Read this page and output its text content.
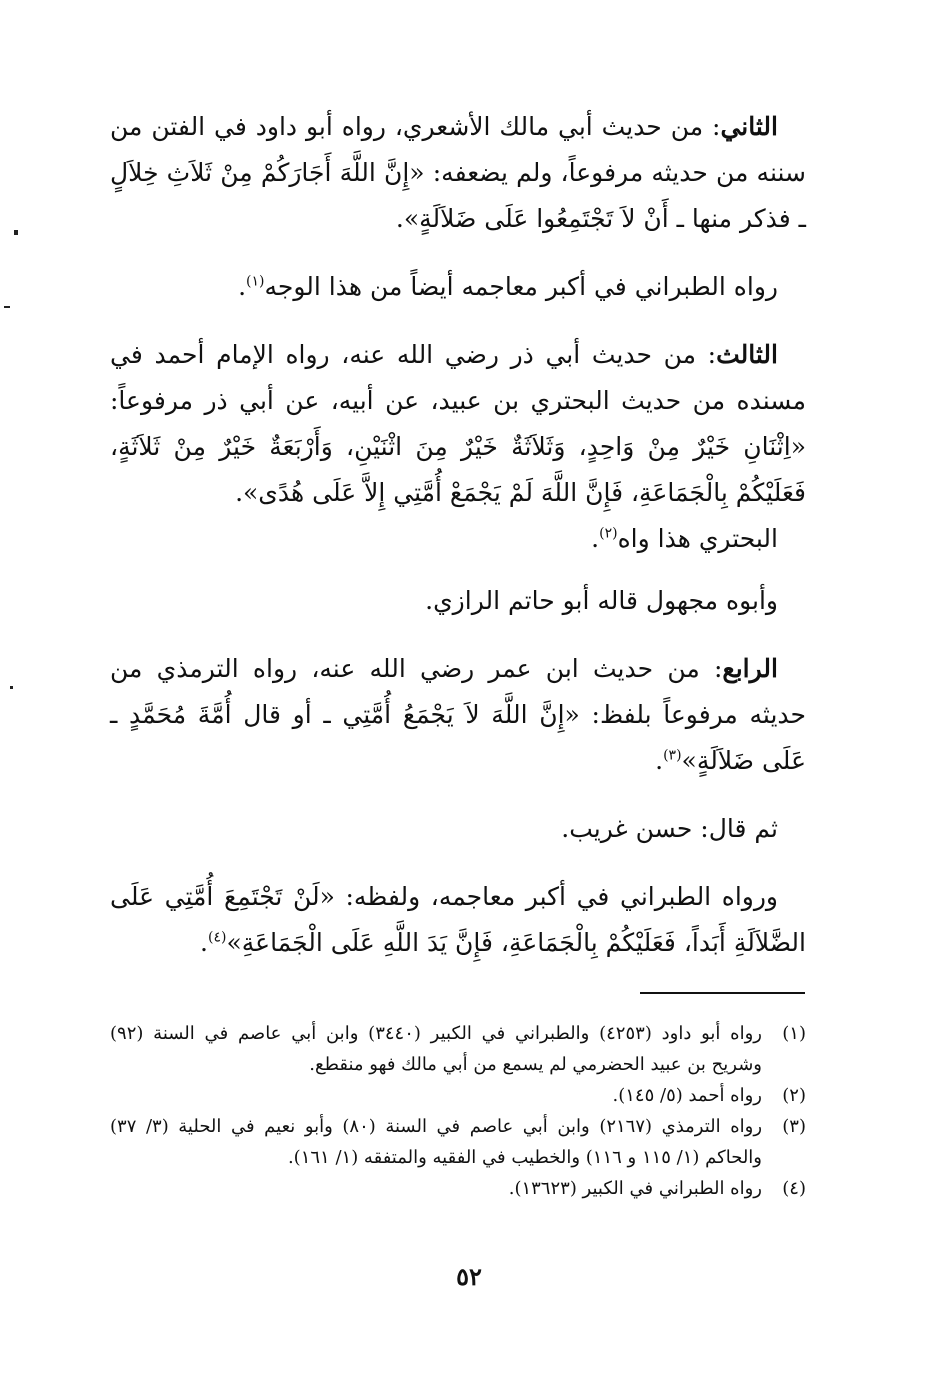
الثاني: من حديث أبي مالك الأشعري، رواه أبو داود في الفتن من سننه من حديثه مرفوعاً، ولم يضعفه: «إِنَّ اللَّهَ أَجَارَكُمْ مِنْ ثَلاَثِ خِلاَلٍ ـ فذكر منها ـ أَنْ لاَ تَجْتَمِعُوا عَلَى ضَلاَلَةٍ».

رواه الطبراني في أكبر معاجمه أيضاً من هذا الوجه$^{(١)}$.

الثالث: من حديث أبي ذر رضي الله عنه، رواه الإمام أحمد في مسنده من حديث البحتري بن عبيد، عن أبيه، عن أبي ذر مرفوعاً: «اِثْنَانِ خَيْرٌ مِنْ وَاحِدٍ، وَثَلاَثَةٌ خَيْرٌ مِنَ اثْنَيْنِ، وَأَرْبَعَةٌ خَيْرٌ مِنْ ثَلاَثَةٍ، فَعَلَيْكُمْ بِالْجَمَاعَةِ، فَإِنَّ اللَّهَ لَمْ يَجْمَعْ أُمَّتِي إِلاَّ عَلَى هُدًى».

البحتري هذا واه$^{(٢)}$.

وأبوه مجهول قاله أبو حاتم الرازي.

الرابع: من حديث ابن عمر رضي الله عنه، رواه الترمذي من حديثه مرفوعاً بلفظ: «إِنَّ اللَّهَ لاَ يَجْمَعُ أُمَّتِي ـ أو قال أُمَّةَ مُحَمَّدٍ ـ عَلَى ضَلاَلَةٍ»$^{(٣)}$.

ثم قال: حسن غريب.

ورواه الطبراني في أكبر معاجمه، ولفظه: «لَنْ تَجْتَمِعَ أُمَّتِي عَلَى الضَّلاَلَةِ أَبَداً، فَعَلَيْكُمْ بِالْجَمَاعَةِ، فَإِنَّ يَدَ اللَّهِ عَلَى الْجَمَاعَةِ»$^{(٤)}$.

(١)
رواه أبو داود (٤٢٥٣) والطبراني في الكبير (٣٤٤٠) وابن أبي عاصم في السنة (٩٢) وشريح بن عبيد الحضرمي لم يسمع من أبي مالك فهو منقطع.
(٢)
رواه أحمد (٥/ ١٤٥).
(٣)
رواه الترمذي (٢١٦٧) وابن أبي عاصم في السنة (٨٠) وأبو نعيم في الحلية (٣/ ٣٧) والحاكم (١/ ١١٥ و ١١٦) والخطيب في الفقيه والمتفقه (١/ ١٦١).
(٤)
رواه الطبراني في الكبير (١٣٦٢٣).
٥٢
